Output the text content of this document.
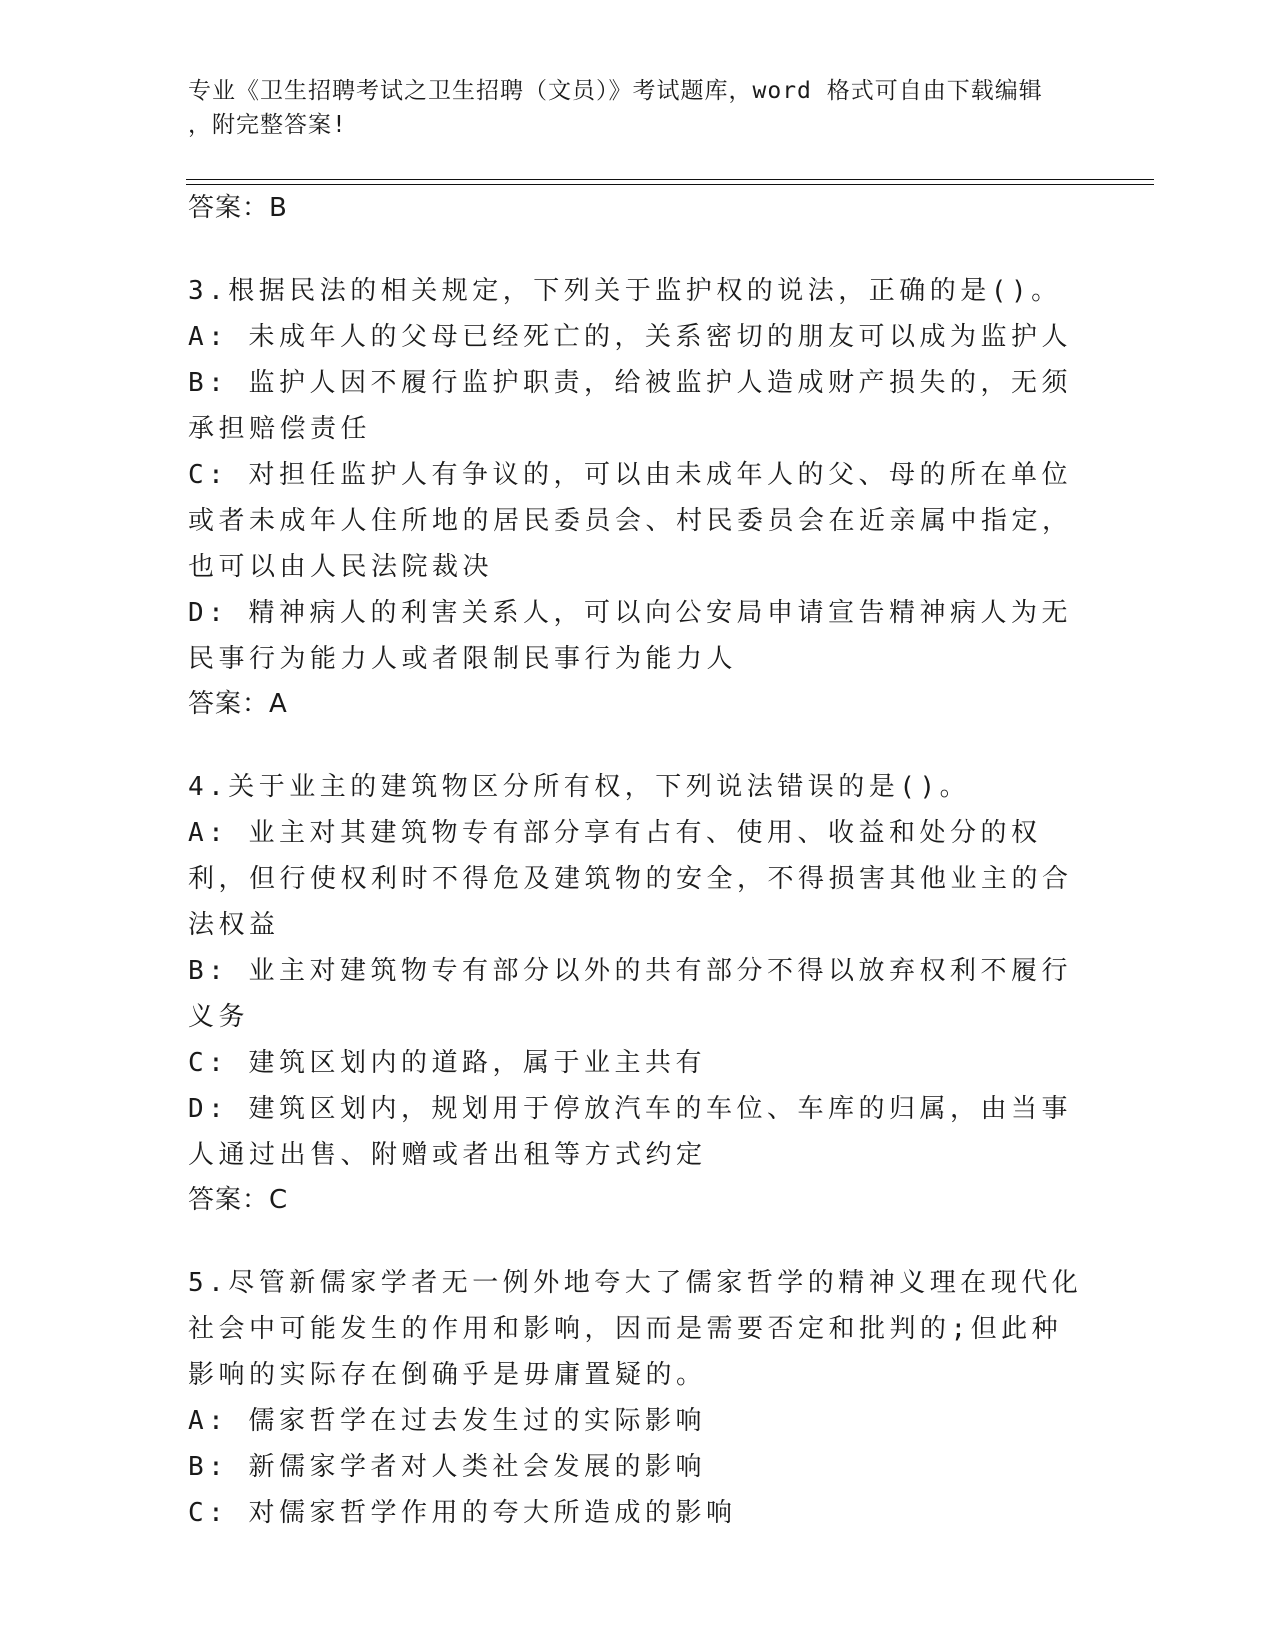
专业《卫生招聘考试之卫生招聘（文员）》考试题库，word 格式可自由下载编辑
，附完整答案!
答案：B
3.根据民法的相关规定，下列关于监护权的说法，正确的是()。
A: 未成年人的父母已经死亡的，关系密切的朋友可以成为监护人
B: 监护人因不履行监护职责，给被监护人造成财产损失的，无须承担赔偿责任
C: 对担任监护人有争议的，可以由未成年人的父、母的所在单位或者未成年人住所地的居民委员会、村民委员会在近亲属中指定，也可以由人民法院裁决
D: 精神病人的利害关系人，可以向公安局申请宣告精神病人为无民事行为能力人或者限制民事行为能力人
答案：A
4.关于业主的建筑物区分所有权，下列说法错误的是()。
A: 业主对其建筑物专有部分享有占有、使用、收益和处分的权利，但行使权利时不得危及建筑物的安全，不得损害其他业主的合法权益
B: 业主对建筑物专有部分以外的共有部分不得以放弃权利不履行义务
C: 建筑区划内的道路，属于业主共有
D: 建筑区划内，规划用于停放汽车的车位、车库的归属，由当事人通过出售、附赠或者出租等方式约定
答案：C
5.尽管新儒家学者无一例外地夸大了儒家哲学的精神义理在现代化社会中可能发生的作用和影响，因而是需要否定和批判的;但此种影响的实际存在倒确乎是毋庸置疑的。
A: 儒家哲学在过去发生过的实际影响
B: 新儒家学者对人类社会发展的影响
C: 对儒家哲学作用的夸大所造成的影响
